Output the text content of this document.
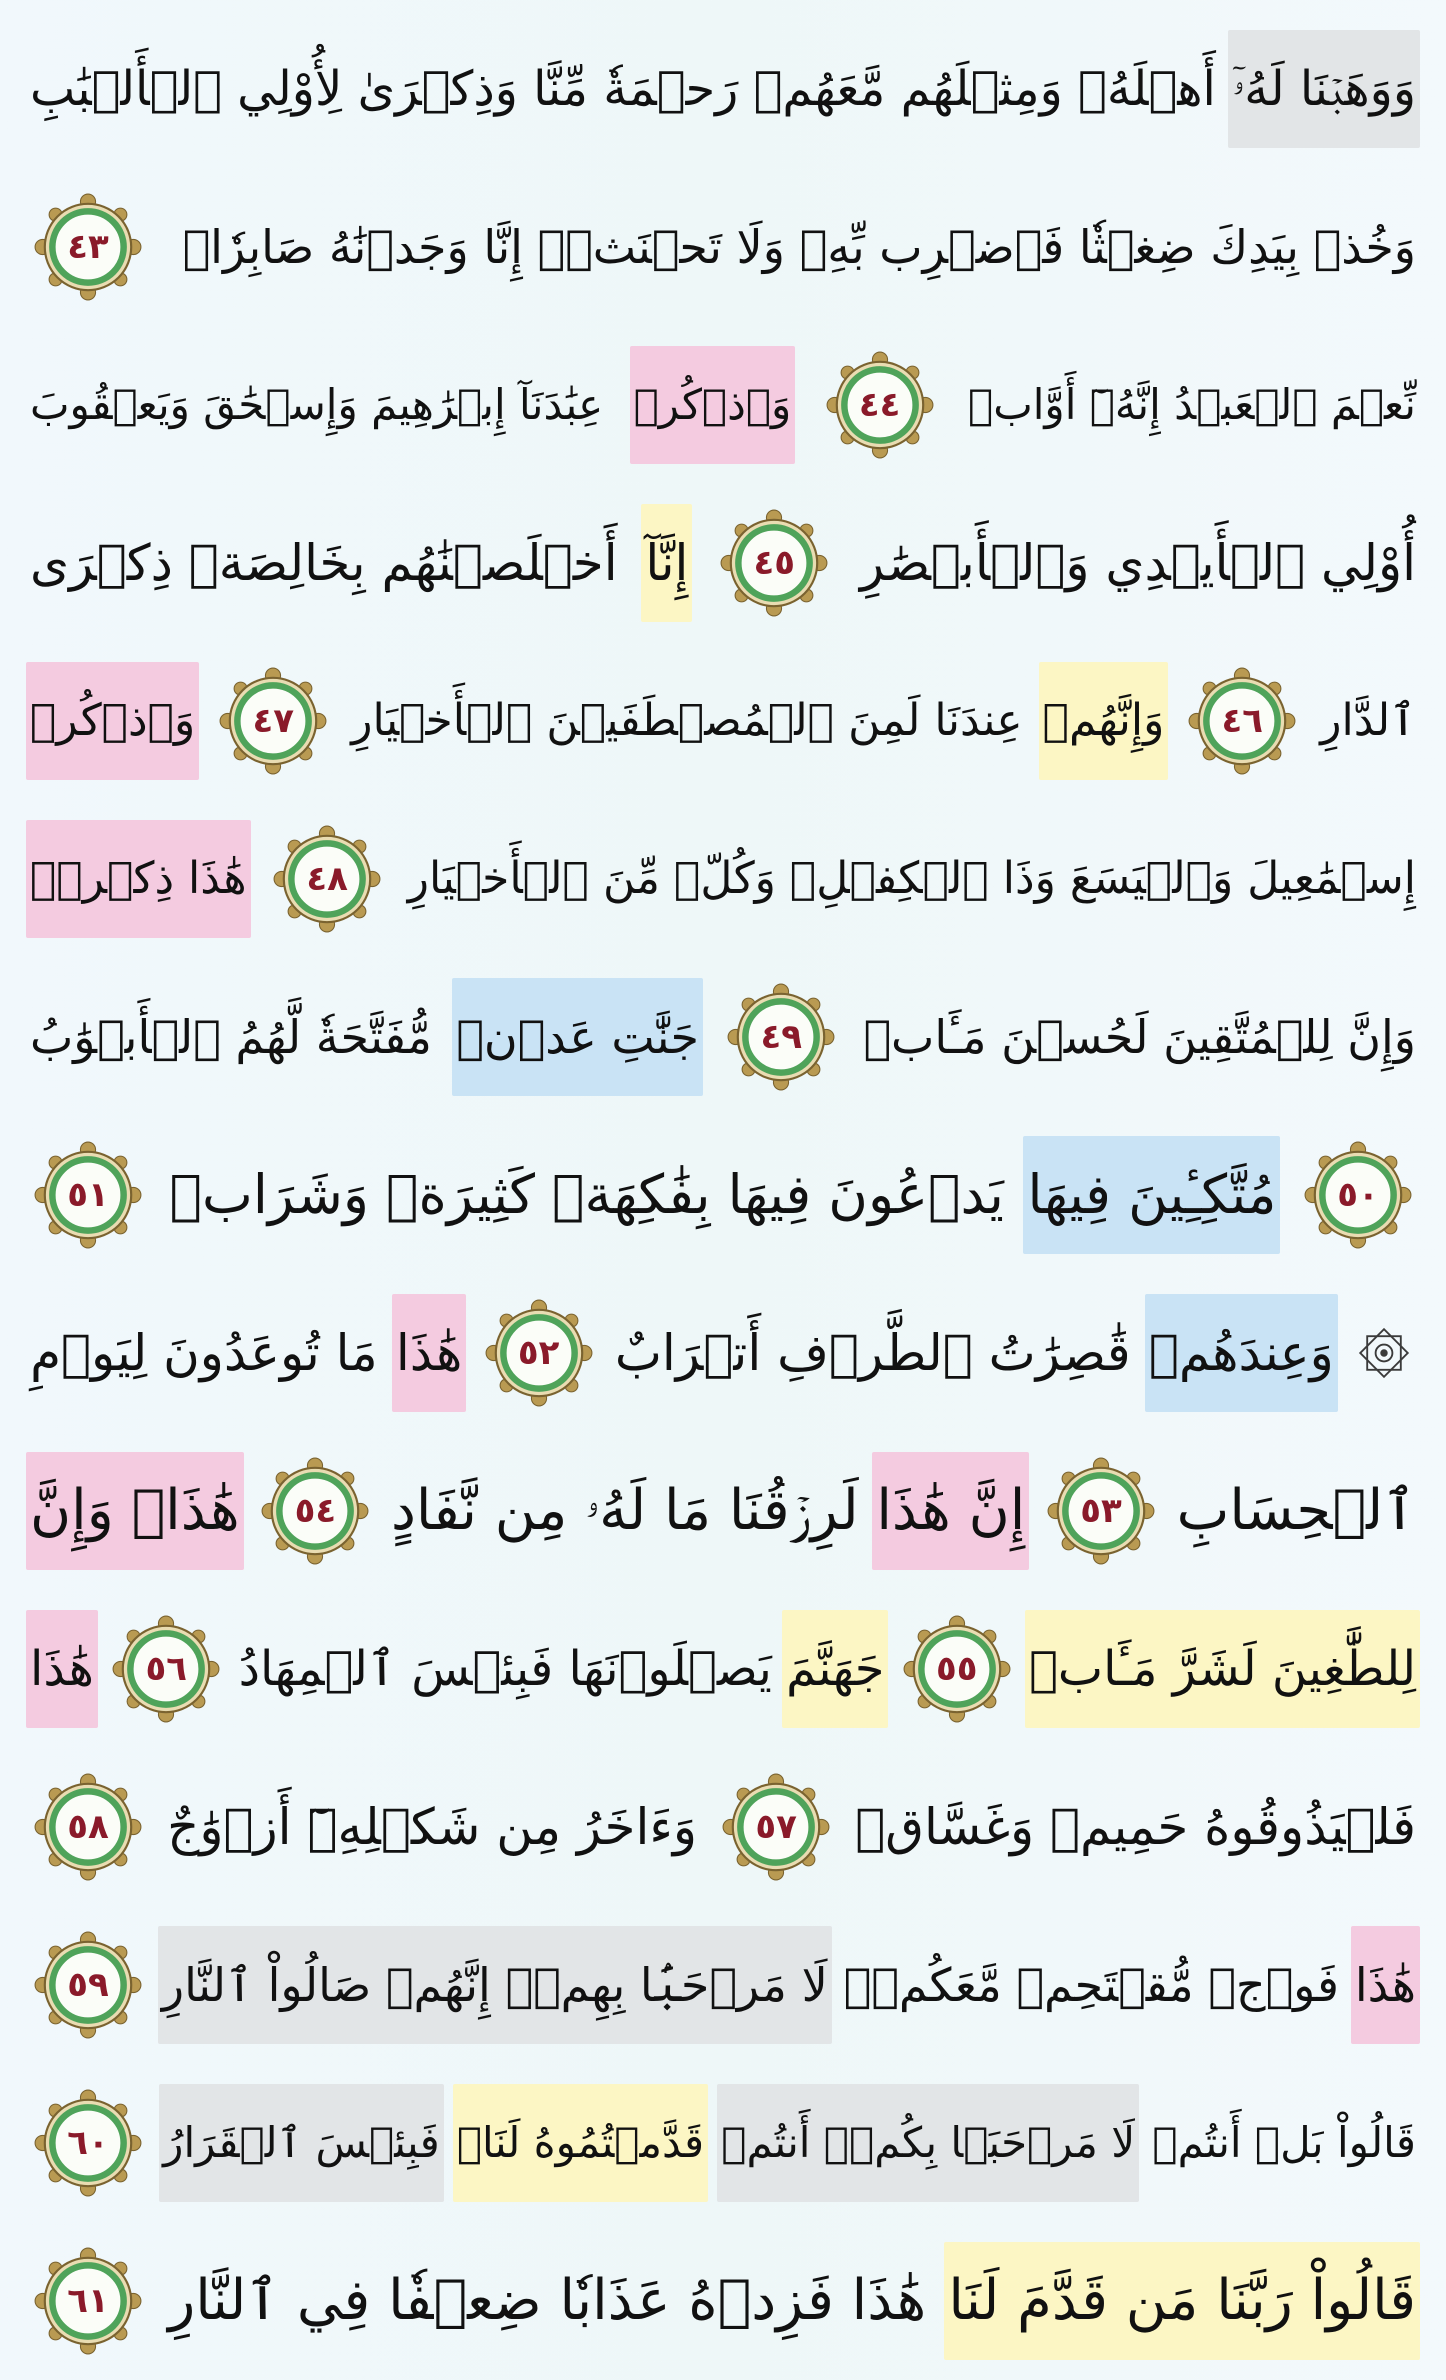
وَوَهَبۡنَا لَهُۥٓ
أَهۡلَهُۥ وَمِثۡلَهُم مَّعَهُمۡ رَحۡمَةٗ مِّنَّا وَذِكۡرَىٰ لِأُوْلِي ٱلۡأَلۡبَٰبِ
وَخُذۡ بِيَدِكَ ضِغۡثٗا فَٱضۡرِب بِّهِۦ وَلَا تَحۡنَثۡۗ إِنَّا وَجَدۡنَٰهُ صَابِرٗاۚ
٤٣
نِّعۡمَ ٱلۡعَبۡدُ إِنَّهُۥٓ أَوَّابٞ
٤٤
وَٱذۡكُرۡ
عِبَٰدَنَآ إِبۡرَٰهِيمَ وَإِسۡحَٰقَ وَيَعۡقُوبَ
أُوْلِي ٱلۡأَيۡدِي وَٱلۡأَبۡصَٰرِ
٤٥
إِنَّآ
أَخۡلَصۡنَٰهُم بِخَالِصَةٖ ذِكۡرَى
ٱلدَّارِ
٤٦
وَإِنَّهُمۡ
عِندَنَا لَمِنَ ٱلۡمُصۡطَفَيۡنَ ٱلۡأَخۡيَارِ
٤٧
وَٱذۡكُرۡ
إِسۡمَٰعِيلَ وَٱلۡيَسَعَ وَذَا ٱلۡكِفۡلِۖ وَكُلّٞ مِّنَ ٱلۡأَخۡيَارِ
٤٨
هَٰذَا ذِكۡرٞۚ
وَإِنَّ لِلۡمُتَّقِينَ لَحُسۡنَ مَـَٔابٖ
٤٩
جَنَّٰتِ عَدۡنٖ
مُّفَتَّحَةٗ لَّهُمُ ٱلۡأَبۡوَٰبُ
٥٠
مُتَّكِـِٔينَ فِيهَا
يَدۡعُونَ فِيهَا بِفَٰكِهَةٖ كَثِيرَةٖ وَشَرَابٖ
٥١
وَعِندَهُمۡ
قَٰصِرَٰتُ ٱلطَّرۡفِ أَتۡرَابٌ
٥٢
هَٰذَا
مَا تُوعَدُونَ لِيَوۡمِ
ٱلۡحِسَابِ
٥٣
إِنَّ هَٰذَا
لَرِزۡقُنَا مَا لَهُۥ مِن نَّفَادٍ
٥٤
هَٰذَاۚ وَإِنَّ
لِلطَّٰغِينَ لَشَرَّ مَـَٔابٖ
٥٥
جَهَنَّمَ
يَصۡلَوۡنَهَا فَبِئۡسَ ٱلۡمِهَادُ
٥٦
هَٰذَا
فَلۡيَذُوقُوهُ حَمِيمٞ وَغَسَّاقٞ
٥٧
وَءَاخَرُ مِن شَكۡلِهِۦٓ أَزۡوَٰجٌ
٥٨
هَٰذَا
فَوۡجٞ مُّقۡتَحِمٞ مَّعَكُمۡۖ
لَا مَرۡحَبَۢا بِهِمۡۚ إِنَّهُمۡ صَالُواْ ٱلنَّارِ
٥٩
قَالُواْ بَلۡ أَنتُمۡ
لَا مَرۡحَبَۢا بِكُمۡۖ أَنتُمۡ
قَدَّمۡتُمُوهُ لَنَاۖ
فَبِئۡسَ ٱلۡقَرَارُ
٦٠
قَالُواْ رَبَّنَا مَن قَدَّمَ لَنَا
هَٰذَا فَزِدۡهُ عَذَابٗا ضِعۡفٗا فِي ٱلنَّارِ
٦١
